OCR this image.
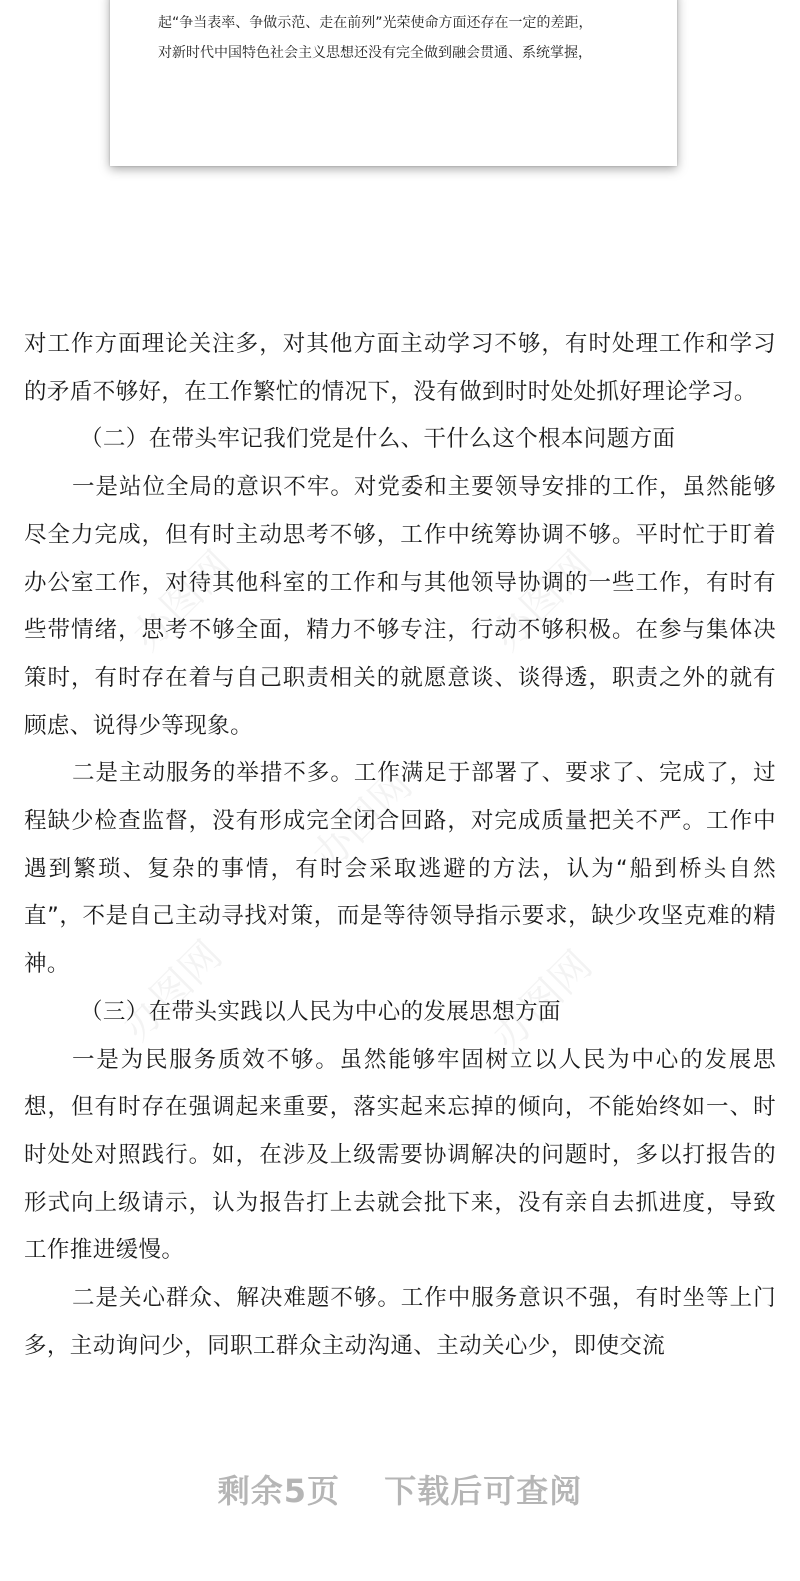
起“争当表率、争做示范、走在前列”光荣使命方面还存在一定的差距，
对新时代中国特色社会主义思想还没有完全做到融会贯通、系统掌握，
办图网	办图网
办图网
办图网	办图网

对工作方面理论关注多，对其他方面主动学习不够，有时处理工作和学习的矛盾不够好，在工作繁忙的情况下，没有做到时时处处抓好理论学习。

（二）在带头牢记我们党是什么、干什么这个根本问题方面

一是站位全局的意识不牢。对党委和主要领导安排的工作，虽然能够尽全力完成，但有时主动思考不够，工作中统筹协调不够。平时忙于盯着办公室工作，对待其他科室的工作和与其他领导协调的一些工作，有时有些带情绪，思考不够全面，精力不够专注，行动不够积极。在参与集体决策时，有时存在着与自己职责相关的就愿意谈、谈得透，职责之外的就有顾虑、说得少等现象。

二是主动服务的举措不多。工作满足于部署了、要求了、完成了，过程缺少检查监督，没有形成完全闭合回路，对完成质量把关不严。工作中遇到繁琐、复杂的事情，有时会采取逃避的方法，认为“船到桥头自然直”，不是自己主动寻找对策，而是等待领导指示要求，缺少攻坚克难的精神。

（三）在带头实践以人民为中心的发展思想方面

一是为民服务质效不够。虽然能够牢固树立以人民为中心的发展思想，但有时存在强调起来重要，落实起来忘掉的倾向，不能始终如一、时时处处对照践行。如，在涉及上级需要协调解决的问题时，多以打报告的形式向上级请示，认为报告打上去就会批下来，没有亲自去抓进度，导致工作推进缓慢。

二是关心群众、解决难题不够。工作中服务意识不强，有时坐等上门多，主动询问少，同职工群众主动沟通、主动关心少，即使交流

剩余5页 下载后可查阅
